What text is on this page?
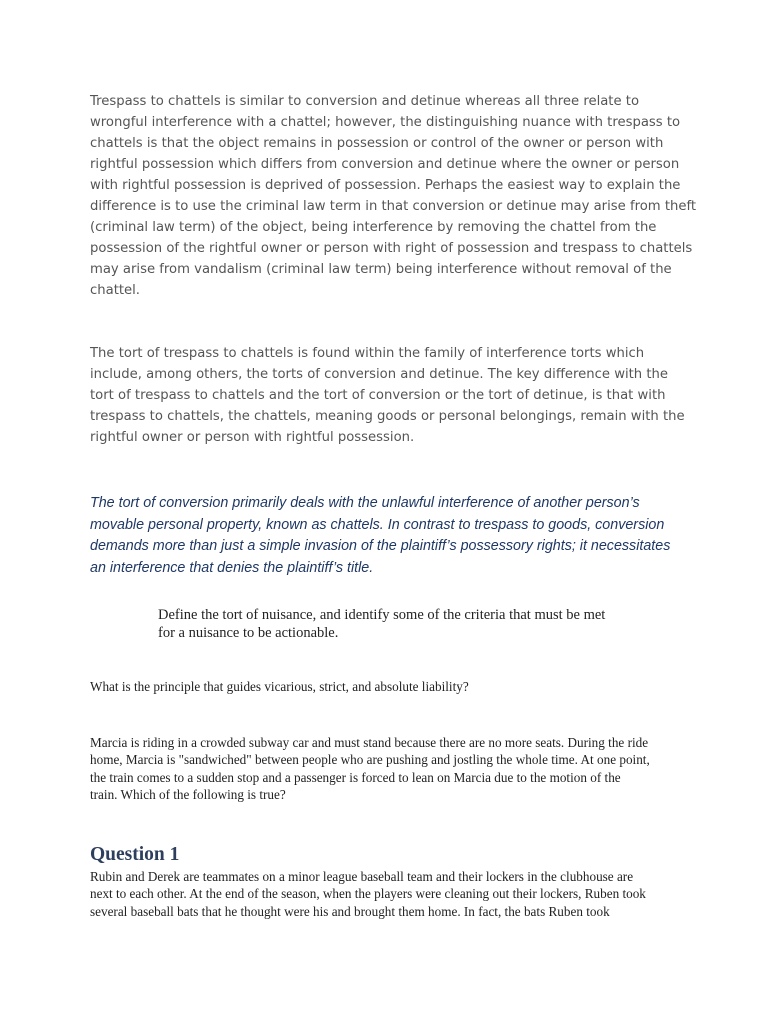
Trespass to chattels is similar to conversion and detinue whereas all three relate to
wrongful interference with a chattel; however, the distinguishing nuance with trespass to
chattels is that the object remains in possession or control of the owner or person with
rightful possession which differs from conversion and detinue where the owner or person
with rightful possession is deprived of possession. Perhaps the easiest way to explain the
difference is to use the criminal law term in that conversion or detinue may arise from theft
(criminal law term) of the object, being interference by removing the chattel from the
possession of the rightful owner or person with right of possession and trespass to chattels
may arise from vandalism (criminal law term) being interference without removal of the
chattel.

The tort of trespass to chattels is found within the family of interference torts which
include, among others, the torts of conversion and detinue. The key difference with the
tort of trespass to chattels and the tort of conversion or the tort of detinue, is that with
trespass to chattels, the chattels, meaning goods or personal belongings, remain with the
rightful owner or person with rightful possession.

The tort of conversion primarily deals with the unlawful interference of another person’s
movable personal property, known as chattels. In contrast to trespass to goods, conversion
demands more than just a simple invasion of the plaintiff’s possessory rights; it necessitates
an interference that denies the plaintiff’s title.

Define the tort of nuisance, and identify some of the criteria that must be met
for a nuisance to be actionable.

What is the principle that guides vicarious, strict, and absolute liability?

Marcia is riding in a crowded subway car and must stand because there are no more seats. During the ride
home, Marcia is "sandwiched" between people who are pushing and jostling the whole time. At one point,
the train comes to a sudden stop and a passenger is forced to lean on Marcia due to the motion of the
train. Which of the following is true?

Question 1

Rubin and Derek are teammates on a minor league baseball team and their lockers in the clubhouse are
next to each other. At the end of the season, when the players were cleaning out their lockers, Ruben took
several baseball bats that he thought were his and brought them home. In fact, the bats Ruben took
